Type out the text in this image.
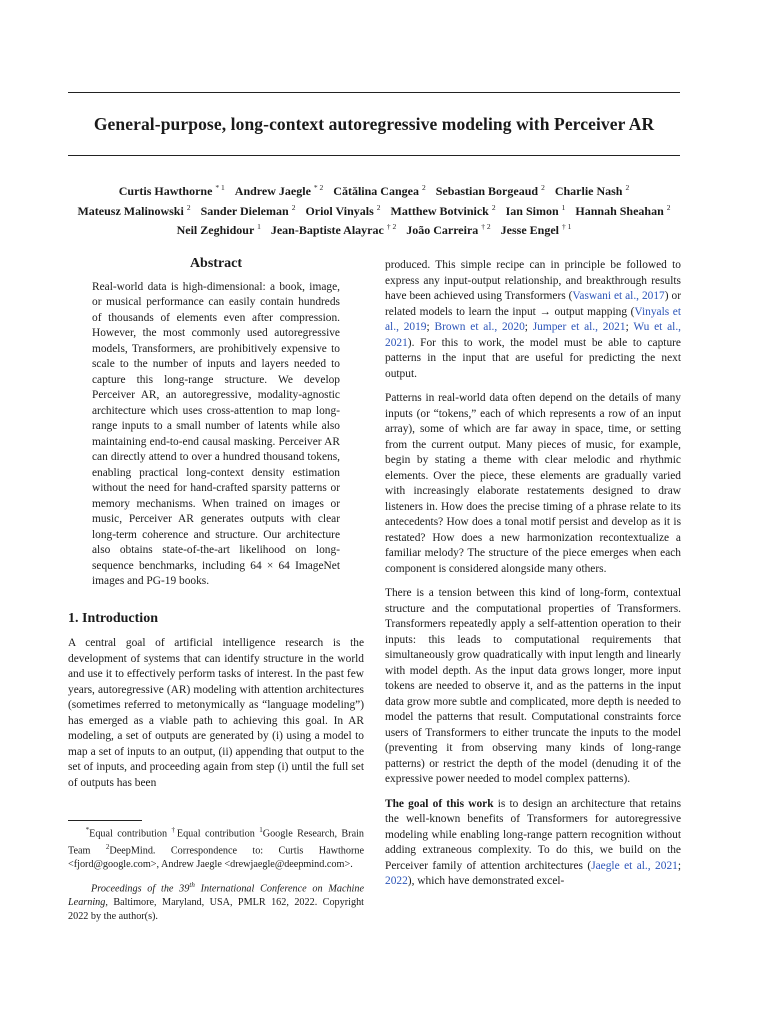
General-purpose, long-context autoregressive modeling with Perceiver AR
Curtis Hawthorne $^{* 1}$ Andrew Jaegle $^{* 2}$ Cătălina Cangea $^2$ Sebastian Borgeaud $^2$ Charlie Nash $^2$
Mateusz Malinowski $^2$ Sander Dieleman $^2$ Oriol Vinyals $^2$ Matthew Botvinick $^2$ Ian Simon $^1$ Hannah Sheahan $^2$
Neil Zeghidour $^1$ Jean-Baptiste Alayrac $^{\dagger 2}$ João Carreira $^{\dagger 2}$ Jesse Engel $^{\dagger 1}$
Abstract

Real-world data is high-dimensional: a book, image, or musical performance can easily contain hundreds of thousands of elements even after compression. However, the most commonly used autoregressive models, Transformers, are prohibitively expensive to scale to the number of inputs and layers needed to capture this long-range structure. We develop Perceiver AR, an autoregressive, modality-agnostic architecture which uses cross-attention to map long-range inputs to a small number of latents while also maintaining end-to-end causal masking. Perceiver AR can directly attend to over a hundred thousand tokens, enabling practical long-context density estimation without the need for hand-crafted sparsity patterns or memory mechanisms. When trained on images or music, Perceiver AR generates outputs with clear long-term coherence and structure. Our architecture also obtains state-of-the-art likelihood on long-sequence benchmarks, including 64 × 64 ImageNet images and PG-19 books.

1. Introduction

A central goal of artificial intelligence research is the development of systems that can identify structure in the world and use it to effectively perform tasks of interest. In the past few years, autoregressive (AR) modeling with attention architectures (sometimes referred to metonymically as “language modeling”) has emerged as a viable path to achieving this goal. In AR modeling, a set of outputs are generated by (i) using a model to map a set of inputs to an output, (ii) appending that output to the set of inputs, and proceeding again from step (i) until the full set of outputs has been

*Equal contribution †Equal contribution $^1$Google Research, Brain Team $^2$DeepMind. Correspondence to: Curtis Hawthorne <fjord@google.com>, Andrew Jaegle <drewjaegle@deepmind.com>.

Proceedings of the 39th International Conference on Machine Learning, Baltimore, Maryland, USA, PMLR 162, 2022. Copyright 2022 by the author(s).

produced. This simple recipe can in principle be followed to express any input-output relationship, and breakthrough results have been achieved using Transformers (Vaswani et al., 2017) or related models to learn the input → output mapping (Vinyals et al., 2019; Brown et al., 2020; Jumper et al., 2021; Wu et al., 2021). For this to work, the model must be able to capture patterns in the input that are useful for predicting the next output.

Patterns in real-world data often depend on the details of many inputs (or “tokens,” each of which represents a row of an input array), some of which are far away in space, time, or setting from the current output. Many pieces of music, for example, begin by stating a theme with clear melodic and rhythmic elements. Over the piece, these elements are gradually varied with increasingly elaborate restatements designed to draw listeners in. How does the precise timing of a phrase relate to its antecedents? How does a tonal motif persist and develop as it is restated? How does a new harmonization recontextualize a familiar melody? The structure of the piece emerges when each component is considered alongside many others.

There is a tension between this kind of long-form, contextual structure and the computational properties of Transformers. Transformers repeatedly apply a self-attention operation to their inputs: this leads to computational requirements that simultaneously grow quadratically with input length and linearly with model depth. As the input data grows longer, more input tokens are needed to observe it, and as the patterns in the input data grow more subtle and complicated, more depth is needed to model the patterns that result. Computational constraints force users of Transformers to either truncate the inputs to the model (preventing it from observing many kinds of long-range patterns) or restrict the depth of the model (denuding it of the expressive power needed to model complex patterns).

The goal of this work is to design an architecture that retains the well-known benefits of Transformers for autoregressive modeling while enabling long-range pattern recognition without adding extraneous complexity. To do this, we build on the Perceiver family of attention architectures (Jaegle et al., 2021; 2022), which have demonstrated excel-
